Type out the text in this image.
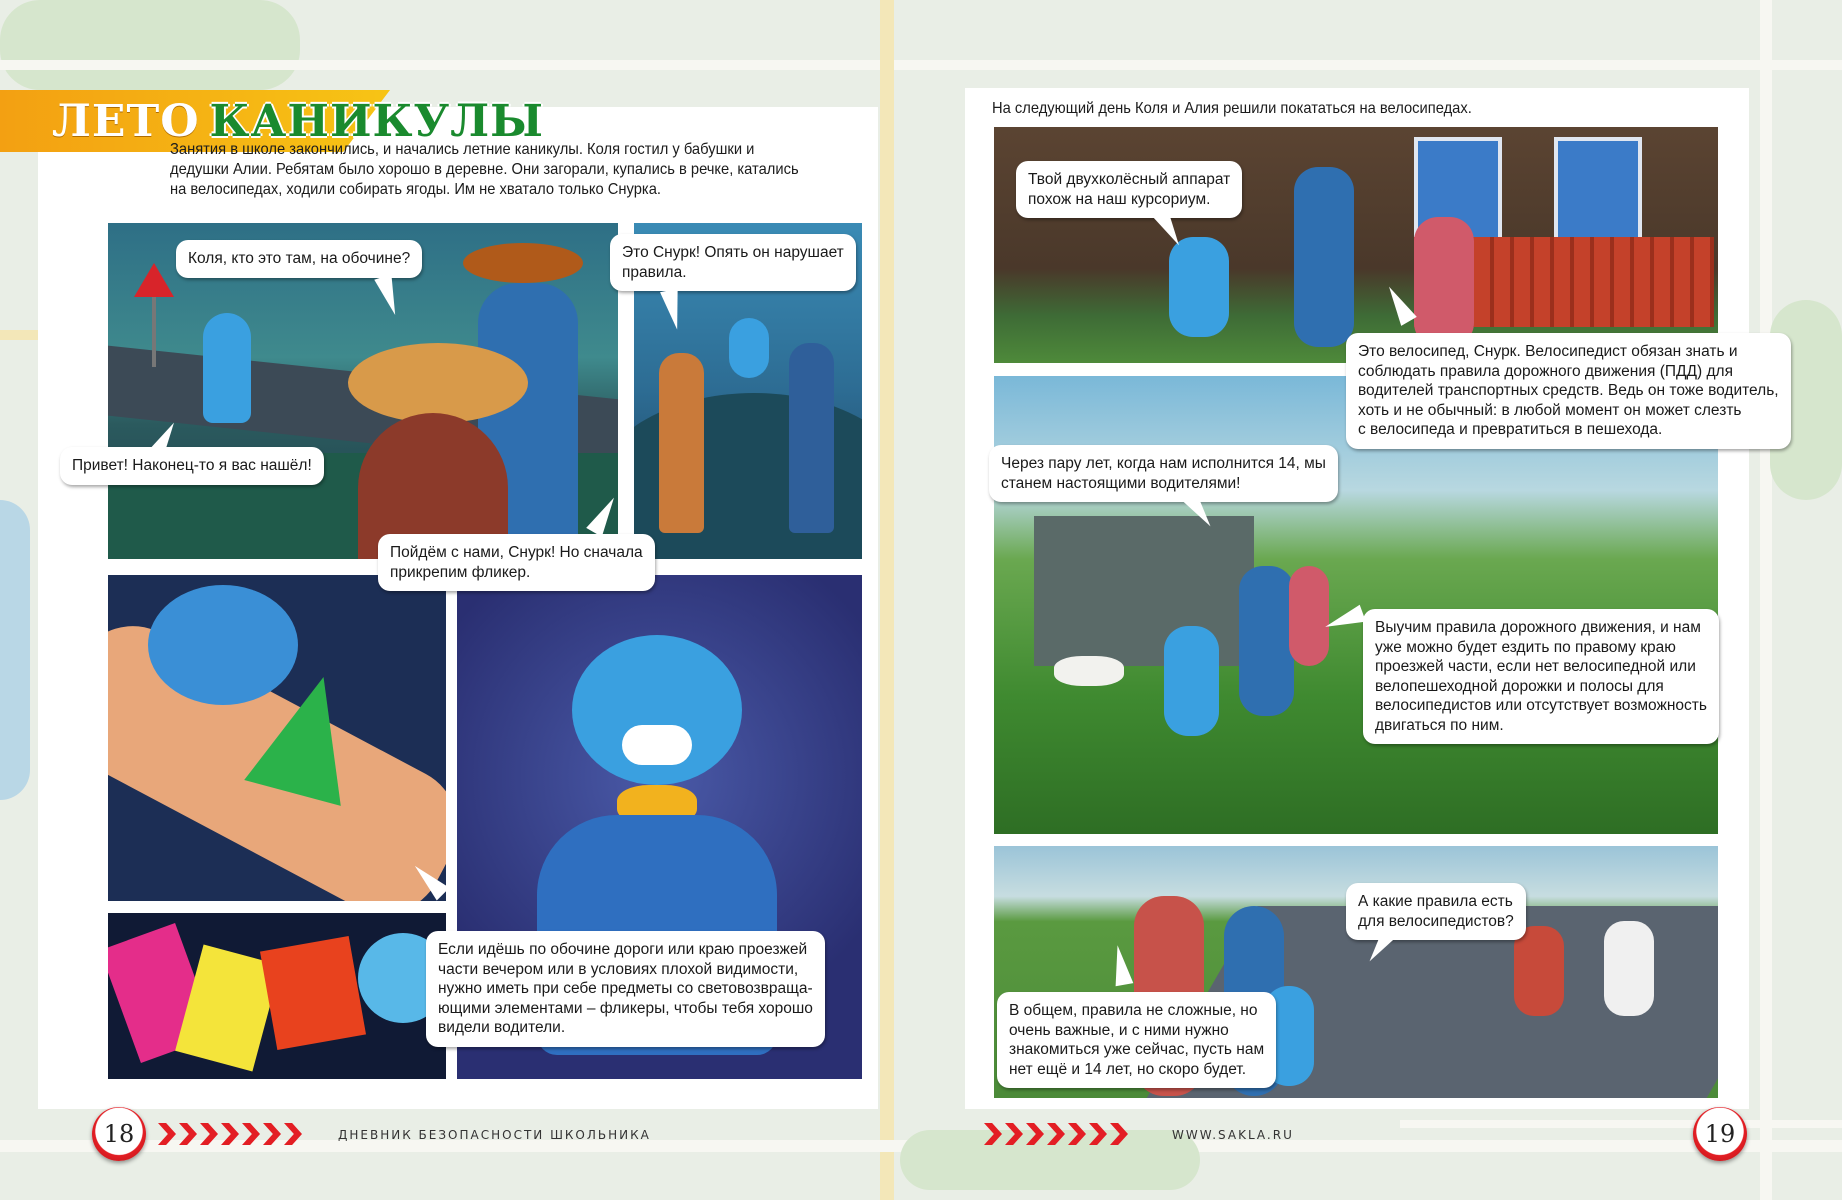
ЛЕТО КАНИКУЛЫ
Занятия в школе закончились, и начались летние каникулы. Коля гостил у бабушки и дедушки Алии. Ребятам было хорошо в деревне. Они загорали, купались в речке, катались на велосипедах, ходили собирать ягоды. Им не хватало только Снурка.
Коля, кто это там, на обочине?
Привет! Наконец-то я вас нашёл!
Это Снурк! Опять он нарушает
правила.
Пойдём с нами, Снурк! Но сначала
прикрепим фликер.
Если идёшь по обочине дороги или краю проезжей
части вечером или в условиях плохой видимости,
нужно иметь при себе предметы со световозвраща-
ющими элементами – фликеры, чтобы тебя хорошо
видели водители.
18	ДНЕВНИК БЕЗОПАСНОСТИ ШКОЛЬНИКА
На следующий день Коля и Алия решили покататься на велосипедах.
Твой двухколёсный аппарат
похож на наш курсориум.
Это велосипед, Снурк. Велосипедист обязан знать и
соблюдать правила дорожного движения (ПДД) для
водителей транспортных средств. Ведь он тоже водитель,
хоть и не обычный: в любой момент он может слезть
с велосипеда и превратиться в пешехода.
Через пару лет, когда нам исполнится 14, мы
станем настоящими водителями!
Выучим правила дорожного движения, и нам
уже можно будет ездить по правому краю
проезжей части, если нет велосипедной или
велопешеходной дорожки и полосы для
велосипедистов или отсутствует возможность
двигаться по ним.
А какие правила есть
для велосипедистов?
В общем, правила не сложные, но
очень важные, и с ними нужно
знакомиться уже сейчас, пусть нам
нет ещё и 14 лет, но скоро будет.
WWW.SAKLA.RU	19
